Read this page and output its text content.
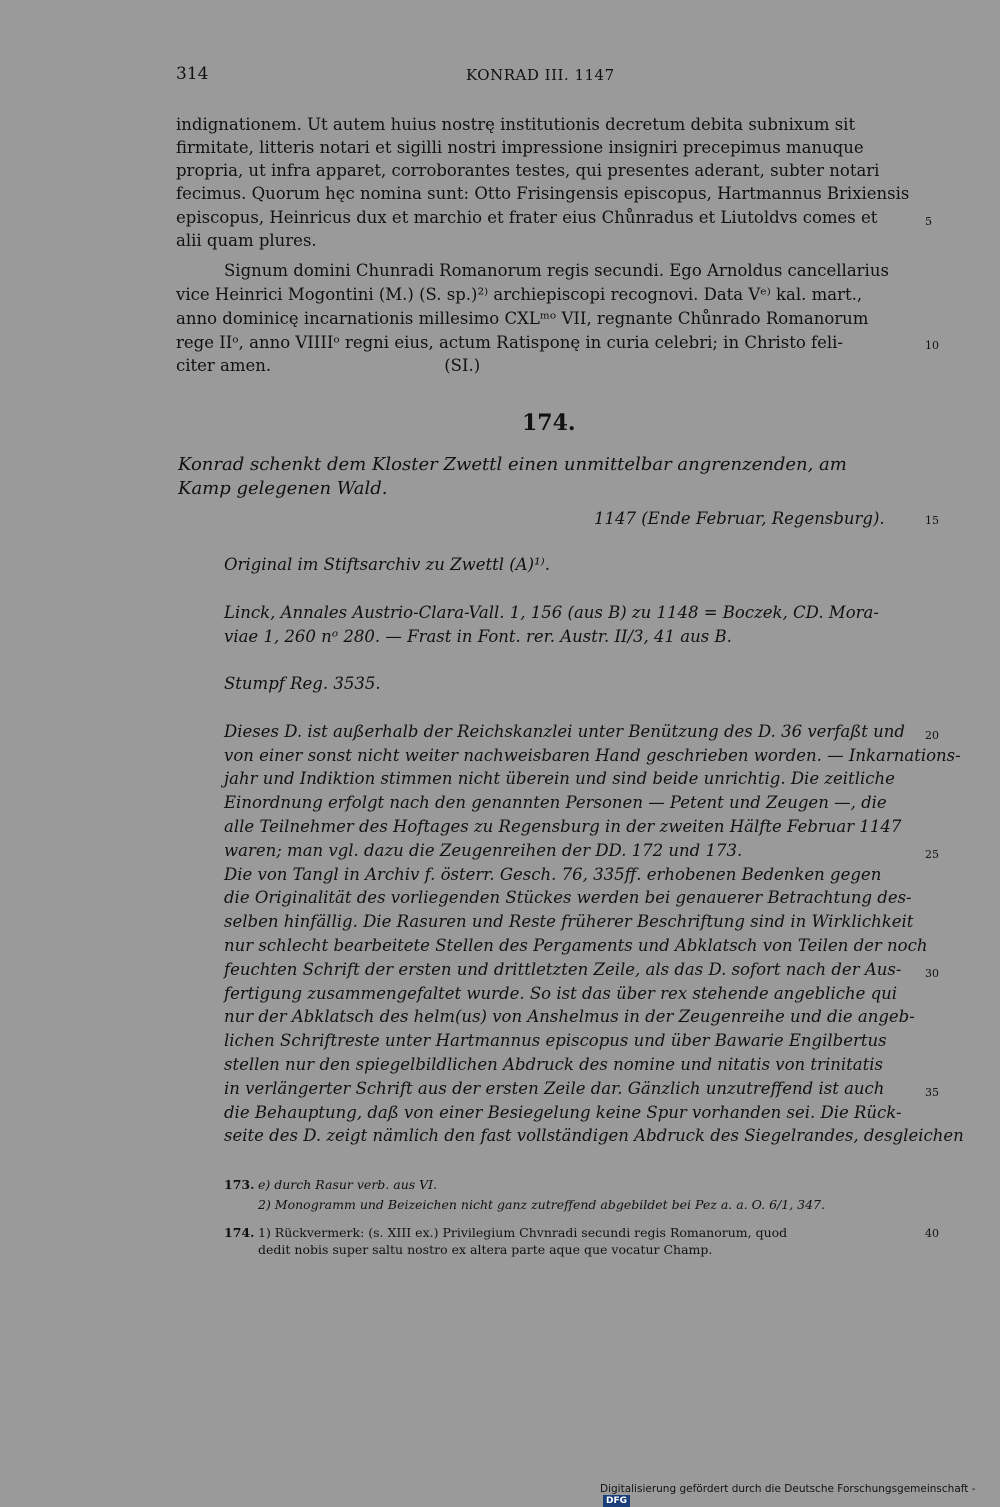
314	KONRAD III. 1147
indignationem. Ut autem huius nostrę institutionis decretum debita subnixum sit
firmitate, litteris notari et sigilli nostri impressione insigniri precepimus manuque
propria, ut infra apparet, corroborantes testes, qui presentes aderant, subter notari
fecimus. Quorum hęc nomina sunt: Otto Frisingensis episcopus, Hartmannus Brixiensis
episcopus, Heinricus dux et marchio et frater eius Chůnradus et Liutoldvs comes et
alii quam plures.
Signum domini Chunradi Romanorum regis secundi. Ego Arnoldus cancellarius
vice Heinrici Mogontini (M.) (S. sp.)²⁾ archiepiscopi recognovi. Data Vᵉ⁾ kal. mart.,
anno dominicę incarnationis millesimo CXLᵐᵒ VII, regnante Chůnrado Romanorum
rege IIᵒ, anno VIIIIᵒ regni eius, actum Ratisponę in curia celebri; in Christo feli-
citer amen.                                 (SI.)
174.
Konrad schenkt dem Kloster Zwettl einen unmittelbar angrenzenden, am
Kamp gelegenen Wald.
1147 (Ende Februar, Regensburg).
Original im Stiftsarchiv zu Zwettl (A)¹⁾.
Linck, Annales Austrio-Clara-Vall. 1, 156 (aus B) zu 1148 = Boczek, CD. Mora-
viae 1, 260 nᵒ 280. — Frast in Font. rer. Austr. II/3, 41 aus B.
Stumpf Reg. 3535.
Dieses D. ist außerhalb der Reichskanzlei unter Benützung des D. 36 verfaßt und
von einer sonst nicht weiter nachweisbaren Hand geschrieben worden. — Inkarnations-
jahr und Indiktion stimmen nicht überein und sind beide unrichtig. Die zeitliche
Einordnung erfolgt nach den genannten Personen — Petent und Zeugen —, die
alle Teilnehmer des Hoftages zu Regensburg in der zweiten Hälfte Februar 1147
waren; man vgl. dazu die Zeugenreihen der DD. 172 und 173.
Die von Tangl in Archiv f. österr. Gesch. 76, 335ff. erhobenen Bedenken gegen
die Originalität des vorliegenden Stückes werden bei genauerer Betrachtung des-
selben hinfällig. Die Rasuren und Reste früherer Beschriftung sind in Wirklichkeit
nur schlecht bearbeitete Stellen des Pergaments und Abklatsch von Teilen der noch
feuchten Schrift der ersten und drittletzten Zeile, als das D. sofort nach der Aus-
fertigung zusammengefaltet wurde. So ist das über rex stehende angebliche qui
nur der Abklatsch des helm(us) von Anshelmus in der Zeugenreihe und die angeb-
lichen Schriftreste unter Hartmannus episcopus und über Bawarie Engilbertus
stellen nur den spiegelbildlichen Abdruck des nomine und nitatis von trinitatis
in verlängerter Schrift aus der ersten Zeile dar. Gänzlich unzutreffend ist auch
die Behauptung, daß von einer Besiegelung keine Spur vorhanden sei. Die Rück-
seite des D. zeigt nämlich den fast vollständigen Abdruck des Siegelrandes, desgleichen
5
10
15
20
25
30
35
40
173. e) durch Rasur verb. aus VI.
2) Monogramm und Beizeichen nicht ganz zutreffend abgebildet bei Pez a. a. O. 6/1, 347.
174. 1) Rückvermerk: (s. XIII ex.) Privilegium Chvnradi secundi regis Romanorum, quod
dedit nobis super saltu nostro ex altera parte aque que vocatur Champ.
Digitalisierung gefördert durch die Deutsche Forschungsgemeinschaft - DFG
